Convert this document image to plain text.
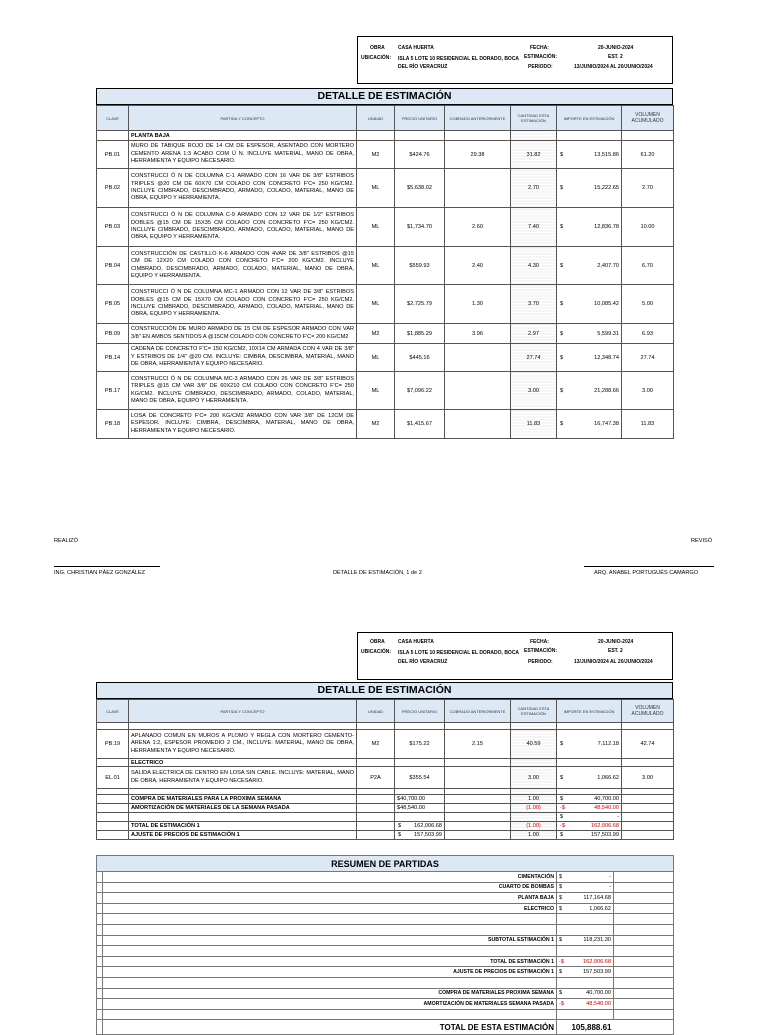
OBRA	CASA HUERTA
UBICACIÓN: ISLA 5 LOTE 10 RESIDENCIAL EL DORADO, BOCA
DEL RÍO VERACRUZ
FECHA:	20-JUNIO-2024
ESTIMACIÓN:	EST. 2
PERIODO:	13/JUNIO/2024 AL 20/JUNIO/2024
DETALLE DE ESTIMACIÓN
CLAVE	PARTIDA Y CONCEPTO	UNIDAD	PRECIO UNITARIO	COBRADO ANTERIORMENTE	CANTIDAD ESTA ESTIMACIÓN	IMPORTE EN ESTIMACIÓN	VOLUMEN ACUMULADO
	PLANTA BAJA						
PB.01	MURO DE TABIQUE ROJO DE 14 CM DE ESPESOR, ASENTADO CON MORTERO CEMENTO ARENA 1:3 ACABO COM Ú N. INCLUYE MATERIAL, MANO DE OBRA, HERRAMIENTA Y EQUIPO NECESARIO.	M2	$424.76	29.38	31.82	$ 13,515.86	61.20
PB.02	CONSTRUCCI Ó N DE COLUMNA C-1 ARMADO CON 16 VAR DE 3/8" ESTRIBOS TRIPLES @20 CM DE 60X70 CM COLADO CON CONCRETO F'C= 250 KG/CM2. INCLUYE CIMBRADO, DESCIMBRADO, ARMADO, COLADO, MATERIAL, MANO DE OBRA, EQUIPO Y HERRAMIENTA.	ML	$5,638.02		2.70	$ 15,222.65	2.70
PB.03	CONSTRUCCI Ó N DE COLUMNA C-9 ARMADO CON 12 VAR DE 1/2" ESTRIBOS DOBLES @15 CM DE 15X35 CM COLADO CON CONCRETO F'C= 250 KG/CM2. INCLUYE CIMBRADO, DESCIMBRADO, ARMADO, COLADO, MATERIAL, MANO DE OBRA, EQUIPO Y HERRAMIENTA.	ML	$1,734.70	2.60	7.40	$ 12,836.78	10.00
PB.04	CONSTRUCCIÓN DE CASTILLO K-6 ARMADO CON 4VAR DE 3/8" ESTRIBOS @15 CM DE 12X20 CM COLADO CON CONCRETO F'C= 200 KG/CM2. INCLUYE CIMBRADO, DESCIMBRADO, ARMADO, COLADO, MATERIAL, MANO DE OBRA, EQUIPO Y HERRAMIENTA.	ML	$559.93	2.40	4.30	$ 2,407.70	6.70
PB.05	CONSTRUCCI Ó N DE COLUMNA MC-1 ARMADO CON 12 VAR DE 3/8" ESTRIBOS DOBLES @15 CM DE 15X70 CM COLADO CON CONCRETO F'C= 250 KG/CM2. INCLUYE CIMBRADO, DESCIMBRADO, ARMADO, COLADO, MATERIAL, MANO DE OBRA, EQUIPO Y HERRAMIENTA.	ML	$2,725.79	1.30	3.70	$ 10,085.42	5.00
PB.09	CONSTRUCCIÓN DE MURO ARMADO DE 15 CM DE ESPESOR ARMADO CON VAR 3/8" EN AMBOS SENTIDOS A @15CM COLADO CON CONCRETO F'C= 200 KG/CM2	M2	$1,885.29	3.96	2.97	$ 5,599.31	6.93
PB.14	CADENA DE CONCRETO F'C= 150 KG/CM2, 10X14 CM ARMADA CON 4 VAR DE 3/8" Y ESTRIBOS DE 1/4" @20 CM. INCLUYE: CIMBRA, DESCIMBRA, MATERIAL, MANO DE OBRA, HERRAMIENTA Y EQUIPO NECESARIO.	ML	$445.16		27.74	$ 12,348.74	27.74
PB.17	CONSTRUCCI Ó N DE COLUMNA MC-3 ARMADO CON 26 VAR DE 3/8" ESTRIBOS TRIPLES @15 CM VAR 3/8" DE 60X210 CM COLADO CON CONCRETO F'C= 250 KG/CM2. INCLUYE CIMBRADO, DESCIMBRADO, ARMADO, COLADO, MATERIAL, MANO DE OBRA, EQUIPO Y HERRAMIENTA.	ML	$7,096.22		3.00	$ 21,288.66	3.00
PB.18	LOSA DE CONCRETO F'C= 200 KG/CM2 ARMADO CON VAR 3/8" DE 12CM DE ESPESOR. INCLUYE: CIMBRA, DESCIMBRA, MATERIAL, MANO DE OBRA, HERRAMIENTA Y EQUIPO NECESARIO.	M2	$1,415.67		11.83	$ 16,747.38	11.83
REALIZÓ	REVISÓ
ING. CHRISTIAN PÁEZ GONZÁLEZ	DETALLE DE ESTIMACIÓN, 1 de 2	ARQ. ANABEL PORTUGUÉS CAMARGO
OBRA	CASA HUERTA
UBICACIÓN: ISLA 5 LOTE 10 RESIDENCIAL EL DORADO, BOCA
DEL RÍO VERACRUZ
FECHA:	20-JUNIO-2024
ESTIMACIÓN:	EST. 2
PERIODO:	13/JUNIO/2024 AL 20/JUNIO/2024
DETALLE DE ESTIMACIÓN
CLAVE	PARTIDA Y CONCEPTO	UNIDAD	PRECIO UNITARIO	COBRADO ANTERIORMENTE	CANTIDAD ESTA ESTIMACIÓN	IMPORTE EN ESTIMACIÓN	VOLUMEN ACUMULADO

PB.19	APLANADO COMUN EN MUROS A PLOMO Y REGLA CON MORTERO CEMENTO-ARENA 1:2, ESPESOR PROMEDIO 2 CM., INCLUYE: MATERIAL, MANO DE OBRA, HERRAMIENTA Y EQUIPO NECESARIO.	M2	$175.22	2.15	40.59	$ 7,112.18	42.74
	ELECTRICO						
EL.01	SALIDA ELECTRICA DE CENTRO EN LOSA SIN CABLE. INCLUYE: MATERIAL, MANO DE OBRA, HERRAMIENTA Y EQUIPO NECESARIO.	P2A	$355.54		3.00	$ 1,066.62	3.00

	COMPRA DE MATERIALES PARA LA PROXIMA SEMANA		$40,700.00		1.00	$ 40,700.00	
	AMORTIZACIÓN DE MATERIALES DE LA SEMANA PASADA		$48,540.00		(1.00)	-$ 48,540.00	

						$ -	
	TOTAL DE ESTIMACIÓN 1		$ 162,006.68		(1.00)	-$ 162,006.68	
	AJUSTE DE PRECIOS DE ESTIMACIÓN 1		$ 157,503.99		1.00	$ 157,503.99	
RESUMEN DE PARTIDAS				
	CIMENTACIÓN	$	-	
	CUARTO DE BOMBAS	$	-	
	PLANTA BAJA	$	117,164.68	
	ELECTRICO	$	1,066.62	

	SUBTOTAL ESTIMACIÓN 1	$	118,231.30	

	TOTAL DE ESTIMACIÓN 1	-$	162,006.68	
	AJUSTE DE PRECIOS DE ESTIMACIÓN 1	$	157,503.99	

	COMPRA DE MATERIALES PROXIMA SEMANA	$	40,700.00	
	AMORTIZACIÓN DE MATERIALES SEMANA PASADA	-$	48,540.00	

	TOTAL DE ESTA ESTIMACIÓN		105,888.61	
